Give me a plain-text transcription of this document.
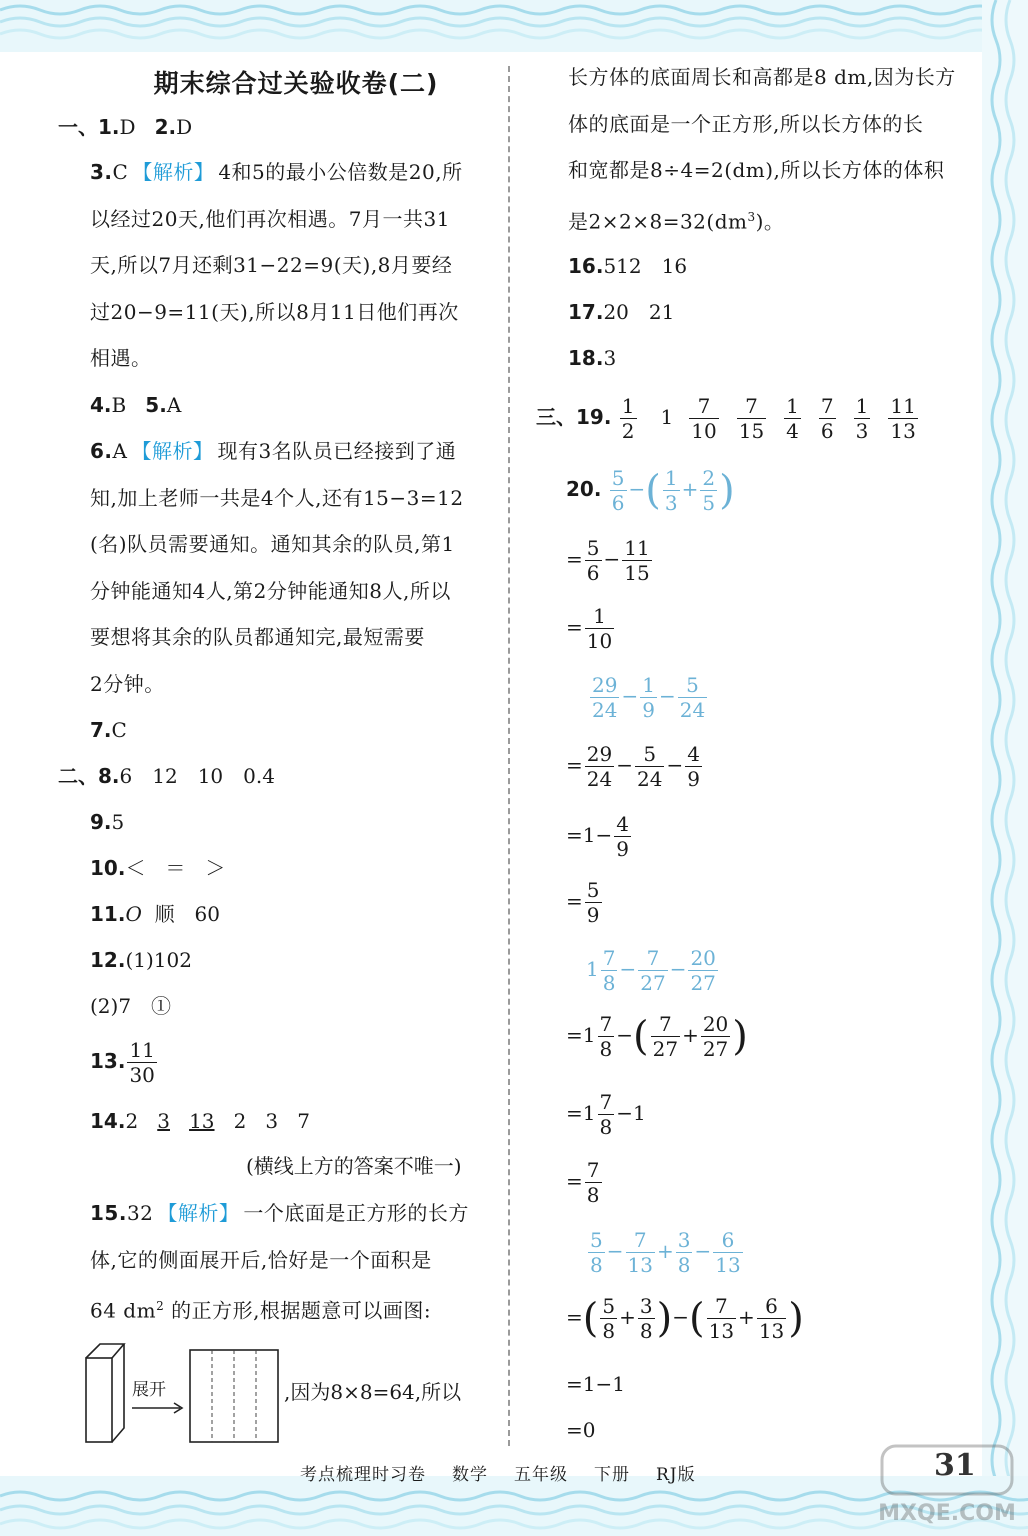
期末综合过关验收卷(二)
一、1.D 2.D
3.C 【解析】 4和5的最小公倍数是20,所
以经过20天,他们再次相遇。7月一共31
天,所以7月还剩31−22=9(天),8月要经
过20−9=11(天),所以8月11日他们再次
相遇。
4.B 5.A
6.A 【解析】 现有3名队员已经接到了通
知,加上老师一共是4个人,还有15−3=12
(名)队员需要通知。通知其余的队员,第1
分钟能通知4人,第2分钟能通知8人,所以
要想将其余的队员都通知完,最短需要
2分钟。
7.C
二、8.6　12　10　0.4
9.5
10.＜　＝　＞
11.O 顺　60
12.(1)102
(2)7　①
13. $\frac{11}{30}$
14.2 3 13 2 3 7
(横线上方的答案不唯一)
15.32 【解析】 一个底面是正方形的长方
体,它的侧面展开后,恰好是一个面积是
64 $dm^2$ 的正方形,根据题意可以画图:
展开	,因为8×8=64,所以
长方体的底面周长和高都是8 dm,因为长方
体的底面是一个正方形,所以长方体的长
和宽都是8÷4=2(dm),所以长方体的体积
是$2\times 2\times 8=32(dm^3)$。
16.512　16
17.20　21
18.3
三、19. $\frac{1}{2} 1 \frac{7}{10} \frac{7}{15} \frac{1}{4} \frac{7}{6} \frac{1}{3} \frac{11}{13}$
20. $\frac{5}{6}$ −( $\frac{1}{3} + \frac{2}{5}$ )
= $\frac{5}{6} - \frac{11}{15}$
= $\frac{1}{10}$
$\frac{29}{24} - \frac{1}{9} - \frac{5}{24}$
= $\frac{29}{24} - \frac{5}{24} - \frac{4}{9}$
$=1- \frac{4}{9}$
= $\frac{5}{9}$
$1 \frac{7}{8} - \frac{7}{27} - \frac{20}{27}$
$=1 \frac{7}{8}$ −( $\frac{7}{27} + \frac{20}{27}$ )
$=1 \frac{7}{8} -1$
= $\frac{7}{8}$
$\frac{5}{8} - \frac{7}{13} + \frac{3}{8} - \frac{6}{13}$
=( $\frac{5}{8} + \frac{3}{8}$ )−( $\frac{7}{13} + \frac{6}{13}$ )
=1−1
=0
考点梳理时习卷 数学 五年级 下册 RJ版
MXQE.COM
31
